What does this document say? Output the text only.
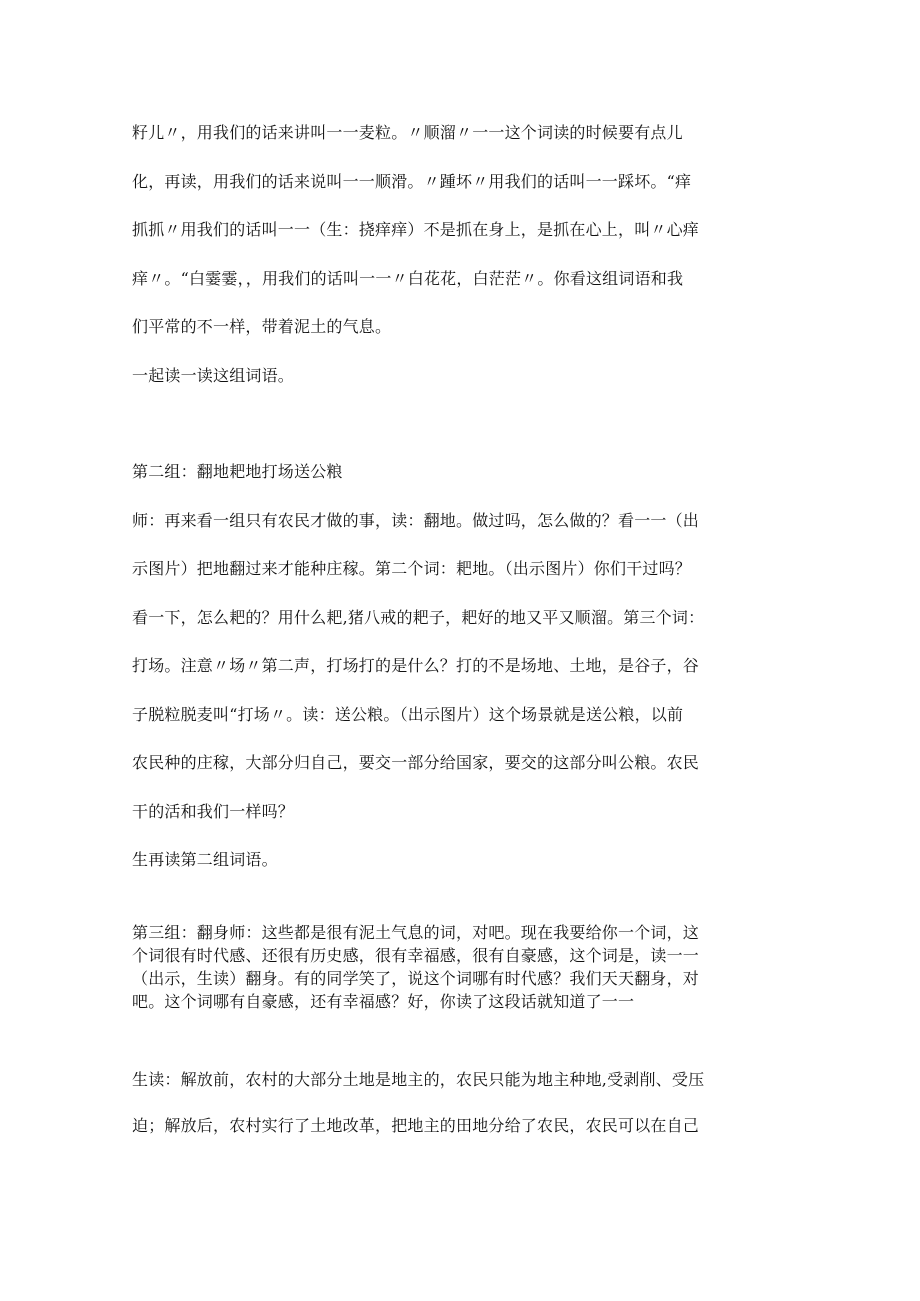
籽儿〃，用我们的话来讲叫一一麦粒。〃顺溜〃一一这个词读的时候要有点儿
化，再读，用我们的话来说叫一一顺滑。〃踵坏〃用我们的话叫一一踩坏。“痒
抓抓〃用我们的话叫一一（生：挠痒痒）不是抓在身上，是抓在心上，叫〃心痒
痒〃。“白霎霎，，用我们的话叫一一〃白花花，白茫茫〃。你看这组词语和我
们平常的不一样，带着泥土的气息。
一起读一读这组词语。
第二组：翻地耙地打场送公粮
师：再来看一组只有农民才做的事，读：翻地。做过吗，怎么做的？看一一（出
示图片）把地翻过来才能种庄稼。第二个词：耙地。（出示图片）你们干过吗？
看一下，怎么耙的？用什么耙,猪八戒的耙子，耙好的地又平又顺溜。第三个词：
打场。注意〃场〃第二声，打场打的是什么？打的不是场地、土地，是谷子，谷
子脱粒脱麦叫“打场〃。读：送公粮。（出示图片）这个场景就是送公粮，以前
农民种的庄稼，大部分归自己，要交一部分给国家，要交的这部分叫公粮。农民
干的活和我们一样吗？
生再读第二组词语。
第三组：翻身师：这些都是很有泥土气息的词，对吧。现在我要给你一个词，这
个词很有时代感、还很有历史感，很有幸福感，很有自豪感，这个词是，读一一
（出示，生读）翻身。有的同学笑了，说这个词哪有时代感？我们天天翻身，对
吧。这个词哪有自豪感，还有幸福感？好，你读了这段话就知道了一一
生读：解放前，农村的大部分土地是地主的，农民只能为地主种地,受剥削、受压
迫；解放后，农村实行了土地改革，把地主的田地分给了农民，农民可以在自己
